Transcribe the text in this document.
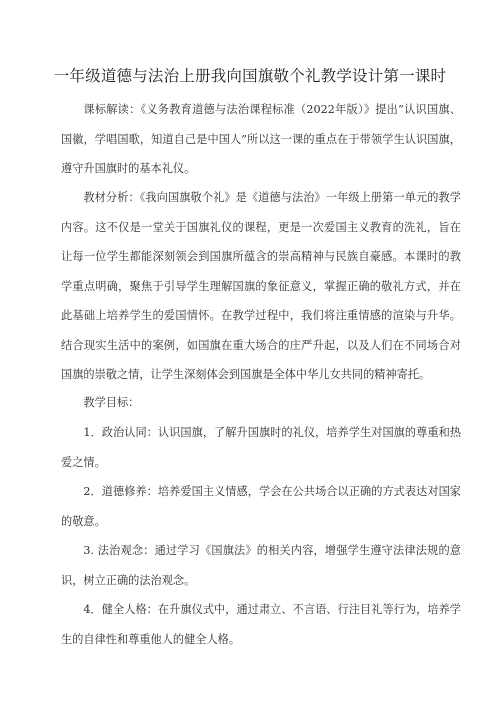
一年级道德与法治上册我向国旗敬个礼教学设计第一课时

课标解读：《义务教育道德与法治课程标准（2022年版）》提出“认识国旗、国徽，学唱国歌，知道自己是中国人”所以这一课的重点在于带领学生认识国旗，遵守升国旗时的基本礼仪。

教材分析：《我向国旗敬个礼》是《道德与法治》一年级上册第一单元的教学内容。这不仅是一堂关于国旗礼仪的课程，更是一次爱国主义教育的洗礼，旨在让每一位学生都能深刻领会到国旗所蕴含的崇高精神与民族自豪感。本课时的教学重点明确，聚焦于引导学生理解国旗的象征意义，掌握正确的敬礼方式，并在此基础上培养学生的爱国情怀。在教学过程中，我们将注重情感的渲染与升华。结合现实生活中的案例，如国旗在重大场合的庄严升起，以及人们在不同场合对国旗的崇敬之情，让学生深刻体会到国旗是全体中华儿女共同的精神寄托。

教学目标：

1．政治认同：认识国旗，了解升国旗时的礼仪，培养学生对国旗的尊重和热爱之情。

2．道德修养：培养爱国主义情感，学会在公共场合以正确的方式表达对国家的敬意。

3. 法治观念：通过学习《国旗法》的相关内容，增强学生遵守法律法规的意识，树立正确的法治观念。

4．健全人格：在升旗仪式中，通过肃立、不言语、行注目礼等行为，培养学生的自律性和尊重他人的健全人格。
